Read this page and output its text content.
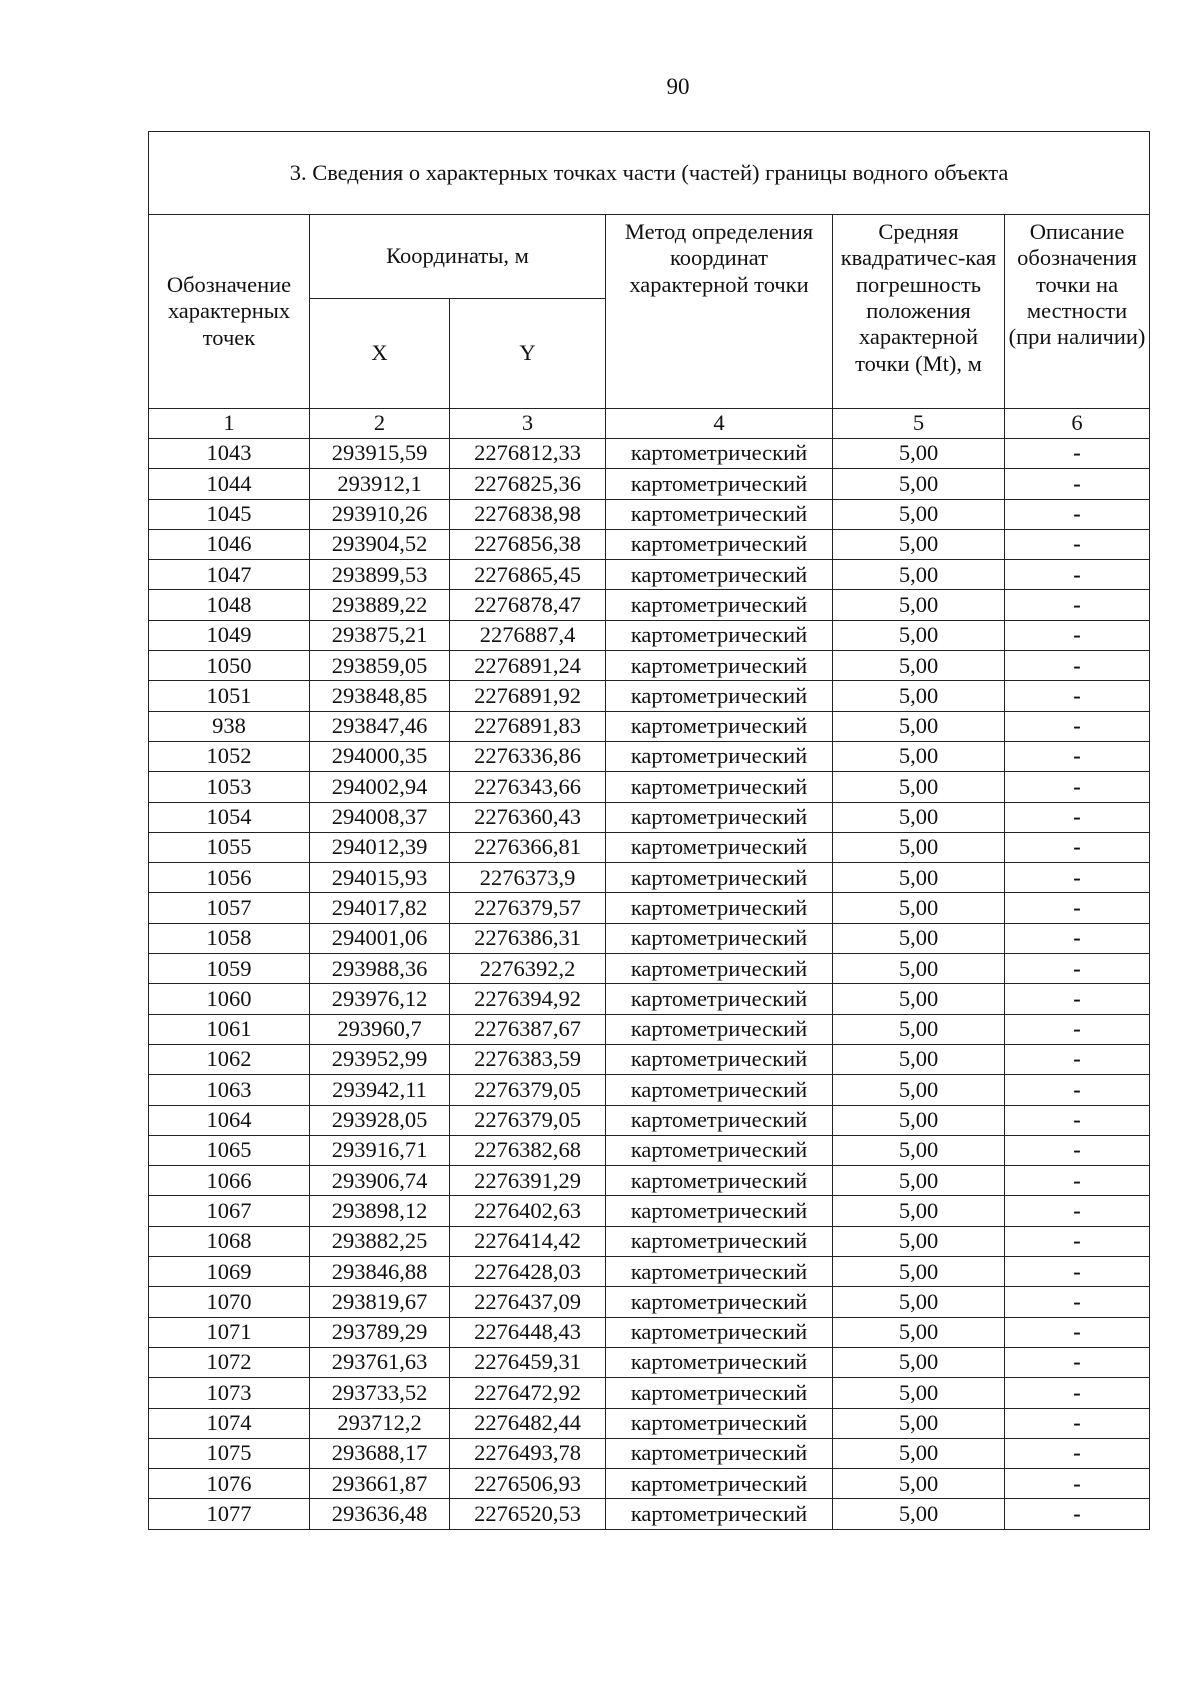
90
3. Сведения о характерных точках части (частей) границы водного объекта					
Обозначение характерных точек	Координаты, м		Метод определения координат характерной точки	Средняя квадратичес-кая погрешность положения характерной точки (Mt), м	Описание обозначения точки на местности (при наличии)
	X	Y			
1	2	3	4	5	6
1043	293915,59	2276812,33	картометрический	5,00	-
1044	293912,1	2276825,36	картометрический	5,00	-
1045	293910,26	2276838,98	картометрический	5,00	-
1046	293904,52	2276856,38	картометрический	5,00	-
1047	293899,53	2276865,45	картометрический	5,00	-
1048	293889,22	2276878,47	картометрический	5,00	-
1049	293875,21	2276887,4	картометрический	5,00	-
1050	293859,05	2276891,24	картометрический	5,00	-
1051	293848,85	2276891,92	картометрический	5,00	-
938	293847,46	2276891,83	картометрический	5,00	-
1052	294000,35	2276336,86	картометрический	5,00	-
1053	294002,94	2276343,66	картометрический	5,00	-
1054	294008,37	2276360,43	картометрический	5,00	-
1055	294012,39	2276366,81	картометрический	5,00	-
1056	294015,93	2276373,9	картометрический	5,00	-
1057	294017,82	2276379,57	картометрический	5,00	-
1058	294001,06	2276386,31	картометрический	5,00	-
1059	293988,36	2276392,2	картометрический	5,00	-
1060	293976,12	2276394,92	картометрический	5,00	-
1061	293960,7	2276387,67	картометрический	5,00	-
1062	293952,99	2276383,59	картометрический	5,00	-
1063	293942,11	2276379,05	картометрический	5,00	-
1064	293928,05	2276379,05	картометрический	5,00	-
1065	293916,71	2276382,68	картометрический	5,00	-
1066	293906,74	2276391,29	картометрический	5,00	-
1067	293898,12	2276402,63	картометрический	5,00	-
1068	293882,25	2276414,42	картометрический	5,00	-
1069	293846,88	2276428,03	картометрический	5,00	-
1070	293819,67	2276437,09	картометрический	5,00	-
1071	293789,29	2276448,43	картометрический	5,00	-
1072	293761,63	2276459,31	картометрический	5,00	-
1073	293733,52	2276472,92	картометрический	5,00	-
1074	293712,2	2276482,44	картометрический	5,00	-
1075	293688,17	2276493,78	картометрический	5,00	-
1076	293661,87	2276506,93	картометрический	5,00	-
1077	293636,48	2276520,53	картометрический	5,00	-
